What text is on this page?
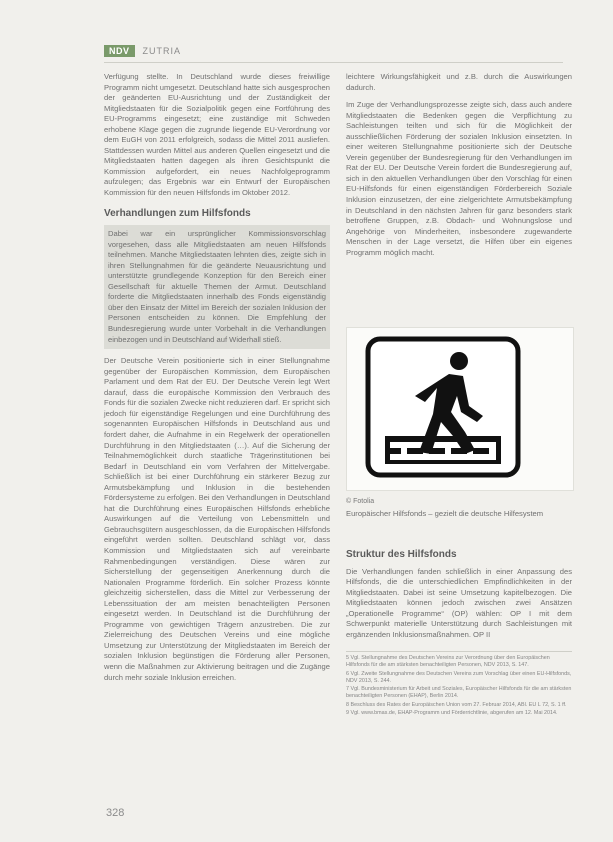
NDV	ZUTRIA

Verfügung stellte. In Deutschland wurde dieses freiwillige Programm nicht umgesetzt. Deutschland hatte sich ausgesprochen der geänderten EU-Ausrichtung und der Zuständigkeit der Mitgliedstaaten für die Sozialpolitik gegen eine Fortführung des EU-Programms eingesetzt; eine zuständige mit Schweden erhobene Klage gegen die zugrunde liegende EU-Verordnung vor dem EuGH von 2011 erfolgreich, sodass die Mittel 2011 ausliefen. Stattdessen wurden Mittel aus anderen Quellen eingesetzt und die Mitgliedstaaten hatten dagegen als ihren Gesichtspunkt die Kommission aufgefordert, ein neues Nachfolgeprogramm aufzulegen; das Ergebnis war ein Entwurf der Europäischen Kommission für den neuen Hilfsfonds im Oktober 2012.

Verhandlungen zum Hilfsfonds
Dabei war ein ursprünglicher Kommissionsvorschlag vorgesehen, dass alle Mitgliedstaaten am neuen Hilfsfonds teilnehmen. Manche Mitgliedstaaten lehnten dies, zeigte sich in ihren Stellungnahmen für die geänderte Neuausrichtung und unterstützte grundlegende Konzeption für den Bereich einer Gesellschaft für aktuelle Themen der Armut. Deutschland forderte die Mitgliedstaaten innerhalb des Fonds eigenständig über den Einsatz der Mittel im Bereich der sozialen Inklusion der Personen entscheiden zu können. Die Empfehlung der Bundesregierung wurde unter Vorbehalt in die Verhandlungen einbezogen und in Deutschland auf Widerhall stieß.

Der Deutsche Verein positionierte sich in einer Stellungnahme gegenüber der Europäischen Kommission, dem Europäischen Parlament und dem Rat der EU. Der Deutsche Verein legt Wert darauf, dass die europäische Kommission den Verbrauch des Fonds für die sozialen Zwecke nicht reduzieren darf. Er spricht sich jedoch für eigenständige Regelungen und eine Durchführung des sogenannten Europäischen Hilfsfonds in Deutschland aus und fordert daher, die Aufnahme in ein Regelwerk der operationellen Durchführung in den Mitgliedstaaten (…). Auf die Sicherung der Teilnahmemöglichkeit durch staatliche Trägerinstitutionen bei Bedarf in Deutschland ein vom Verfahren der Mittelvergabe. Schließlich ist bei einer Durchführung ein stärkerer Bezug zur Armutsbekämpfung und Inklusion in die bestehenden Fördersysteme zu erfolgen. Bei den Verhandlungen in Deutschland hat die Durchführung eines Europäischen Hilfsfonds erhebliche Auswirkungen auf die Verteilung von Lebensmitteln und Gebrauchsgütern ausgeschlossen, da die Europäischen Hilfsfonds eingeführt werden sollten. Deutschland schlägt vor, dass Kommission und Mitgliedstaaten sich auf vereinbarte Rahmenbedingungen verständigen. Diese wären zur Sicherstellung der gegenseitigen Anerkennung durch die Nationalen Programme förderlich. Ein solcher Prozess könnte gleichzeitig sicherstellen, dass die Mittel zur Verbesserung der Lebenssituation der am meisten benachteiligten Personen eingesetzt werden. In Deutschland ist die Durchführung der Programme von gewichtigen Trägern anzustreben. Die zur Zielerreichung des Deutschen Vereins und eine mögliche Umsetzung zur Unterstützung der Mitgliedstaaten im Bereich der sozialen Inklusion begünstigen die Förderung aller Personen, wenn die Maßnahmen zur Aktivierung beitragen und die Zugänge durch mehr soziale Inklusion erreichen.

leichtere Wirkungsfähigkeit und z.B. durch die Auswirkungen dadurch.

Im Zuge der Verhandlungsprozesse zeigte sich, dass auch andere Mitgliedstaaten die Bedenken gegen die Verpflichtung zu Sachleistungen teilten und sich für die Möglichkeit der ausschließlichen Förderung der sozialen Inklusion einsetzten. In einer weiteren Stellungnahme positionierte sich der Deutsche Verein gegenüber der Bundesregierung für den Verhandlungen im Rat der EU. Der Deutsche Verein fordert die Bundesregierung auf, sich in den aktuellen Verhandlungen über den Vorschlag für einen EU-Hilfsfonds für einen eigenständigen Förderbereich Soziale Inklusion einzusetzen, der eine zielgerichtete Armutsbekämpfung in Deutschland in den nächsten Jahren für ganz besonders stark betroffene Gruppen, z.B. Obdach- und Wohnungslose und Angehörige von Minderheiten, insbesondere zugewanderte Menschen in der Lage versetzt, die Hilfen über ein eigenes Programm möglich macht.

© Fotolia
Europäischer Hilfsfonds – gezielt die deutsche Hilfesystem
Struktur des Hilfsfonds
Die Verhandlungen fanden schließlich in einer Anpassung des Hilfsfonds, die die unterschiedlichen Empfindlichkeiten in der Mitgliedstaaten. Dabei ist seine Umsetzung kapitelbezogen. Die Mitgliedstaaten können jedoch zwischen zwei Ansätzen „Operationelle Programme“ (OP) wählen: OP I mit dem Schwerpunkt materielle Unterstützung durch Sachleistungen mit ergänzenden Inklusionsmaßnahmen. OP II
5 Vgl. Stellungnahme des Deutschen Vereins zur Verordnung über den Europäischen Hilfsfonds für die am stärksten benachteiligten Personen, NDV 2013, S. 147.
6 Vgl. Zweite Stellungnahme des Deutschen Vereins zum Vorschlag über einen EU-Hilfsfonds, NDV 2013, S. 244.
7 Vgl. Bundesministerium für Arbeit und Soziales, Europäischer Hilfsfonds für die am stärksten benachteiligten Personen (EHAP), Berlin 2014.
8 Beschluss des Rates der Europäischen Union vom 27. Februar 2014, ABl. EU L 72, S. 1 ff.
9 Vgl. www.bmas.de, EHAP-Programm und Förderrichtlinie, abgerufen am 12. Mai 2014.
328
